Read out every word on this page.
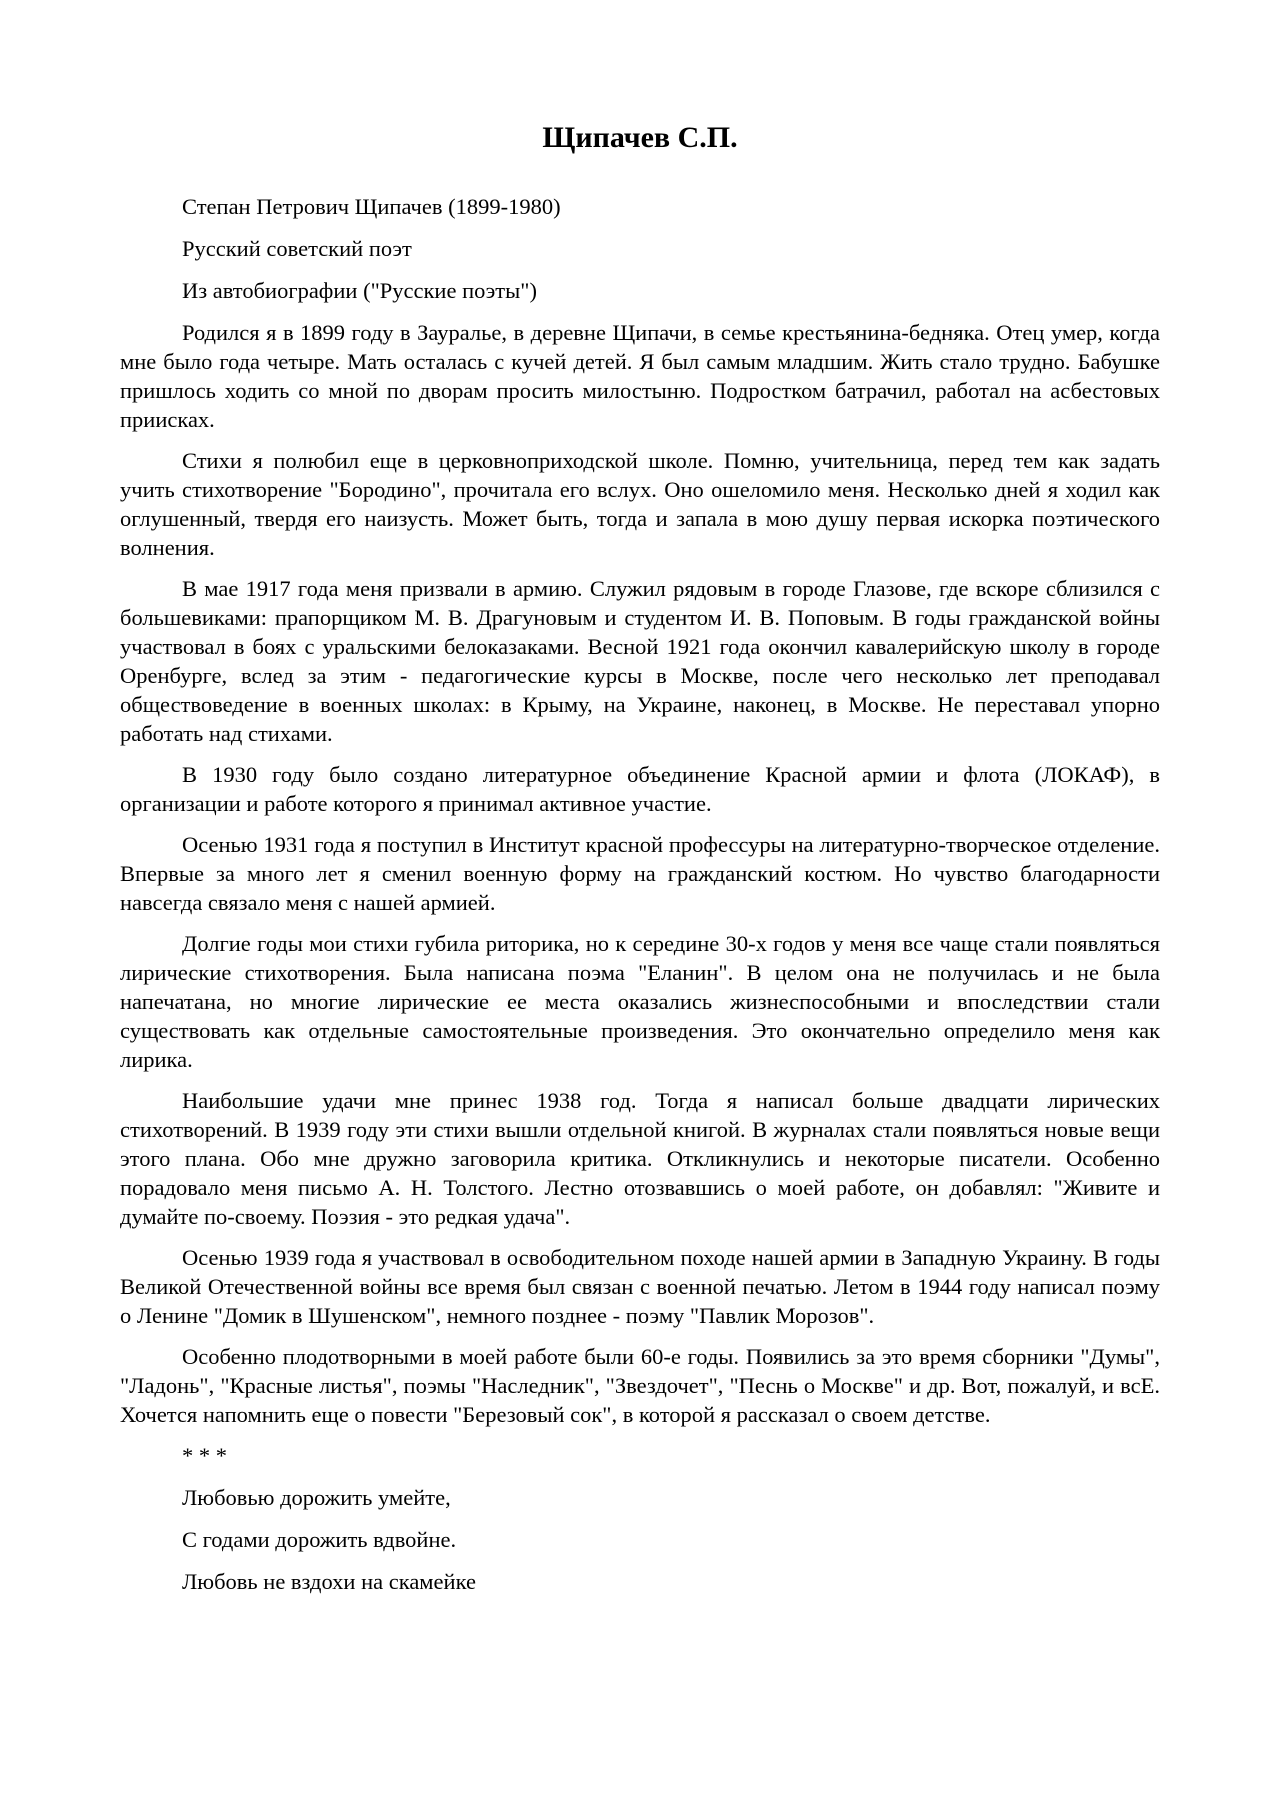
Щипачев С.П.

Степан Петрович Щипачев (1899-1980)

Русский советский поэт

Из автобиографии ("Русские поэты")

Родился я в 1899 году в Зауралье, в деревне Щипачи, в семье крестьянина-бедняка. Отец умер, когда мне было года четыре. Мать осталась с кучей детей. Я был самым младшим. Жить стало трудно. Бабушке пришлось ходить со мной по дворам просить милостыню. Подростком батрачил, работал на асбестовых приисках.

Стихи я полюбил еще в церковноприходской школе. Помню, учительница, перед тем как задать учить стихотворение "Бородино", прочитала его вслух. Оно ошеломило меня. Несколько дней я ходил как оглушенный, твердя его наизусть. Может быть, тогда и запала в мою душу первая искорка поэтического волнения.

В мае 1917 года меня призвали в армию. Служил рядовым в городе Глазове, где вскоре сблизился с большевиками: прапорщиком М. В. Драгуновым и студентом И. В. Поповым. В годы гражданской войны участвовал в боях с уральскими белоказаками. Весной 1921 года окончил кавалерийскую школу в городе Оренбурге, вслед за этим - педагогические курсы в Москве, после чего несколько лет преподавал обществоведение в военных школах: в Крыму, на Украине, наконец, в Москве. Не переставал упорно работать над стихами.

В 1930 году было создано литературное объединение Красной армии и флота (ЛОКАФ), в организации и работе которого я принимал активное участие.

Осенью 1931 года я поступил в Институт красной профессуры на литературно-творческое отделение. Впервые за много лет я сменил военную форму на гражданский костюм. Но чувство благодарности навсегда связало меня с нашей армией.

Долгие годы мои стихи губила риторика, но к середине 30-х годов у меня все чаще стали появляться лирические стихотворения. Была написана поэма "Еланин". В целом она не получилась и не была напечатана, но многие лирические ее места оказались жизнеспособными и впоследствии стали существовать как отдельные самостоятельные произведения. Это окончательно определило меня как лирика.

Наибольшие удачи мне принес 1938 год. Тогда я написал больше двадцати лирических стихотворений. В 1939 году эти стихи вышли отдельной книгой. В журналах стали появляться новые вещи этого плана. Обо мне дружно заговорила критика. Откликнулись и некоторые писатели. Особенно порадовало меня письмо А. Н. Толстого. Лестно отозвавшись о моей работе, он добавлял: "Живите и думайте по-своему. Поэзия - это редкая удача".

Осенью 1939 года я участвовал в освободительном походе нашей армии в Западную Украину. В годы Великой Отечественной войны все время был связан с военной печатью. Летом в 1944 году написал поэму о Ленине "Домик в Шушенском", немного позднее - поэму "Павлик Морозов".

Особенно плодотворными в моей работе были 60-е годы. Появились за это время сборники "Думы", "Ладонь", "Красные листья", поэмы "Наследник", "Звездочет", "Песнь о Москве" и др. Вот, пожалуй, и всЕ. Хочется напомнить еще о повести "Березовый сок", в которой я рассказал о своем детстве.

* * *

Любовью дорожить умейте,

С годами дорожить вдвойне.

Любовь не вздохи на скамейке
